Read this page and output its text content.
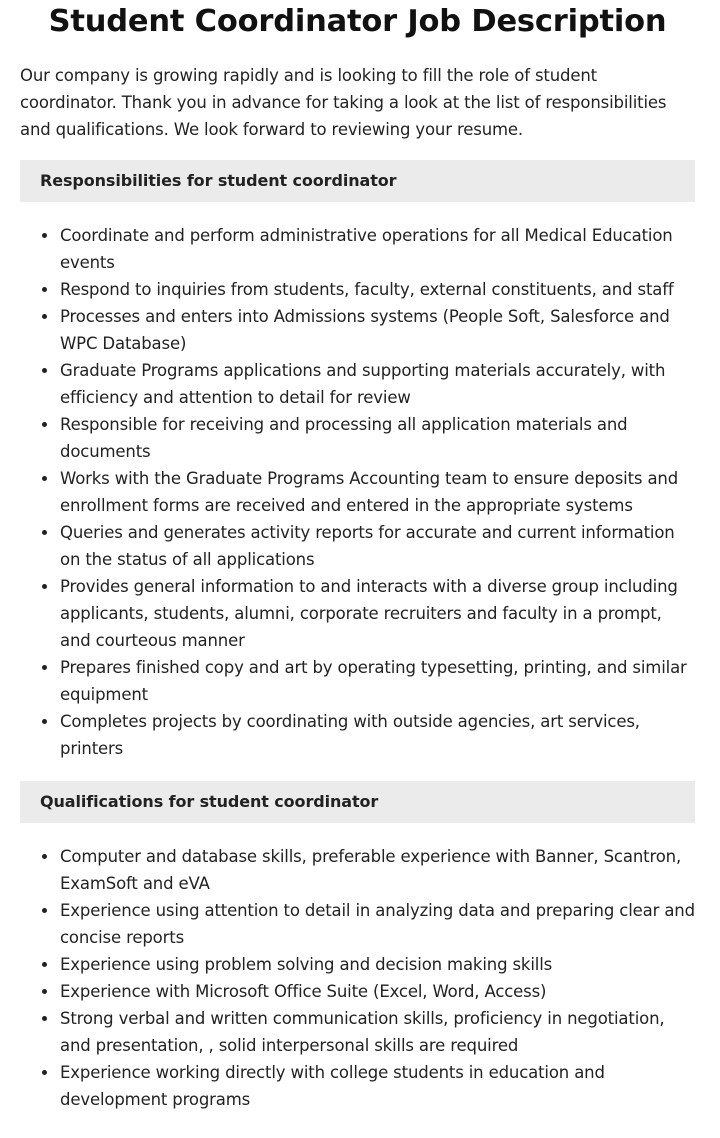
Student Coordinator Job Description

Our company is growing rapidly and is looking to fill the role of student coordinator. Thank you in advance for taking a look at the list of responsibilities and qualifications. We look forward to reviewing your resume.

Responsibilities for student coordinator
Coordinate and perform administrative operations for all Medical Education events
Respond to inquiries from students, faculty, external constituents, and staff
Processes and enters into Admissions systems (People Soft, Salesforce and WPC Database)
Graduate Programs applications and supporting materials accurately, with efficiency and attention to detail for review
Responsible for receiving and processing all application materials and documents
Works with the Graduate Programs Accounting team to ensure deposits and enrollment forms are received and entered in the appropriate systems
Queries and generates activity reports for accurate and current information on the status of all applications
Provides general information to and interacts with a diverse group including applicants, students, alumni, corporate recruiters and faculty in a prompt, and courteous manner
Prepares finished copy and art by operating typesetting, printing, and similar equipment
Completes projects by coordinating with outside agencies, art services, printers
Qualifications for student coordinator
Computer and database skills, preferable experience with Banner, Scantron, ExamSoft and eVA
Experience using attention to detail in analyzing data and preparing clear and concise reports
Experience using problem solving and decision making skills
Experience with Microsoft Office Suite (Excel, Word, Access)
Strong verbal and written communication skills, proficiency in negotiation, and presentation, , solid interpersonal skills are required
Experience working directly with college students in education and development programs
